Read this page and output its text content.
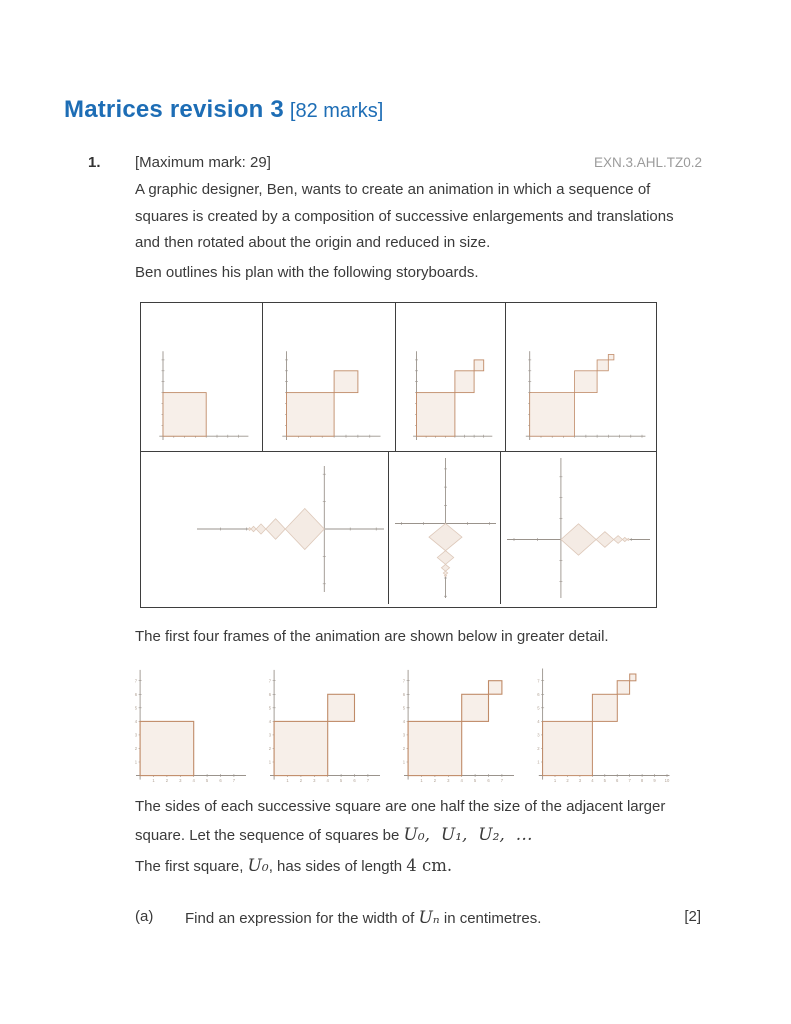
Matrices revision 3 [82 marks]
1. [Maximum mark: 29]	EXN.3.AHL.TZ0.2
A graphic designer, Ben, wants to create an animation in which a sequence of
squares is created by a composition of successive enlargements and translations
and then rotated about the origin and reduced in size.
Ben outlines his plan with the following storyboards.
The first four frames of the animation are shown below in greater detail.
1	2	3	4	5	6	7
1
2
3
4
5
6
7
1	2	3	4	5	6	7
1
2
3
4
5
6
7
1	2	3	4	5	6	7
1
2
3
4
5
6
7
1 2 3 4 5 6 7 8 9 10
1
2
3
4
5
6
7
The sides of each successive square are one half the size of the adjacent larger
square. Let the sequence of squares be U₀,  U₁,  U₂,  …
The first square, U₀, has sides of length 4 cm.
(a) Find an expression for the width of Uₙ in centimetres.	[2]
